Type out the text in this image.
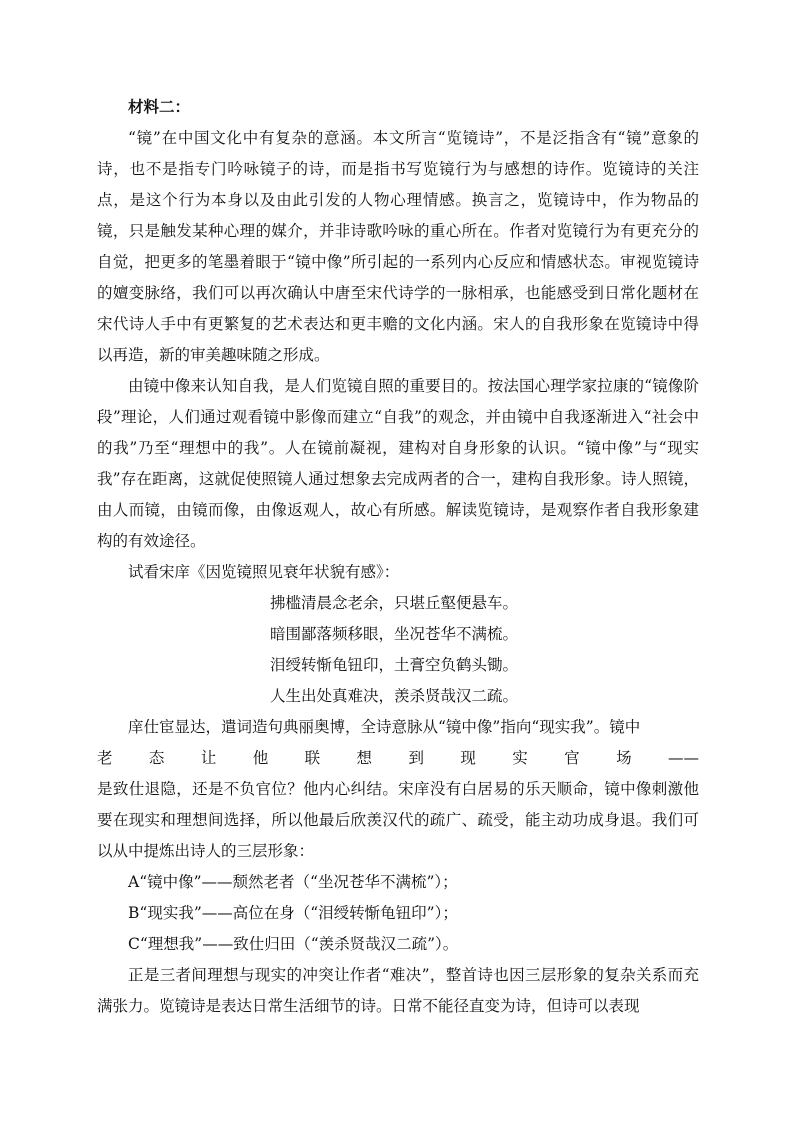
材料二：

“镜”在中国文化中有复杂的意涵。本文所言“览镜诗”，不是泛指含有“镜”意象的诗，也不是指专门吟咏镜子的诗，而是指书写览镜行为与感想的诗作。览镜诗的关注点，是这个行为本身以及由此引发的人物心理情感。换言之，览镜诗中，作为物品的镜，只是触发某种心理的媒介，并非诗歌吟咏的重心所在。作者对览镜行为有更充分的自觉，把更多的笔墨着眼于“镜中像”所引起的一系列内心反应和情感状态。审视览镜诗的嬗变脉络，我们可以再次确认中唐至宋代诗学的一脉相承，也能感受到日常化题材在宋代诗人手中有更繁复的艺术表达和更丰赡的文化内涵。宋人的自我形象在览镜诗中得以再造，新的审美趣味随之形成。

由镜中像来认知自我，是人们览镜自照的重要目的。按法国心理学家拉康的“镜像阶段”理论，人们通过观看镜中影像而建立“自我”的观念，并由镜中自我逐渐进入“社会中的我”乃至“理想中的我”。人在镜前凝视，建构对自身形象的认识。“镜中像”与“现实我”存在距离，这就促使照镜人通过想象去完成两者的合一，建构自我形象。诗人照镜，由人而镜，由镜而像，由像返观人，故心有所感。解读览镜诗，是观察作者自我形象建构的有效途径。

试看宋庠《因览镜照见衰年状貌有感》：

拂槛清晨念老余，只堪丘壑便悬车。

暗围鄙落频移眼，坐况苍华不满梳。

泪绶转惭龟钮印，土膏空负鹤头锄。

人生出处真难决，羡杀贤哉汉二疏。

庠仕宦显达，遣词造句典丽奥博，全诗意脉从“镜中像”指向“现实我”。镜中

老 态 让 他 联 想 到 现 实 官 场 ——

是致仕退隐，还是不负官位？他内心纠结。宋庠没有白居易的乐天顺命，镜中像刺激他要在现实和理想间选择，所以他最后欣羡汉代的疏广、疏受，能主动功成身退。我们可以从中提炼出诗人的三层形象：

A“镜中像”——颓然老者（“坐况苍华不满梳”）；

B“现实我”——高位在身（“泪绶转惭龟钮印”）；

C“理想我”——致仕归田（“羡杀贤哉汉二疏”）。

正是三者间理想与现实的冲突让作者“难决”，整首诗也因三层形象的复杂关系而充满张力。览镜诗是表达日常生活细节的诗。日常不能径直变为诗，但诗可以表现
